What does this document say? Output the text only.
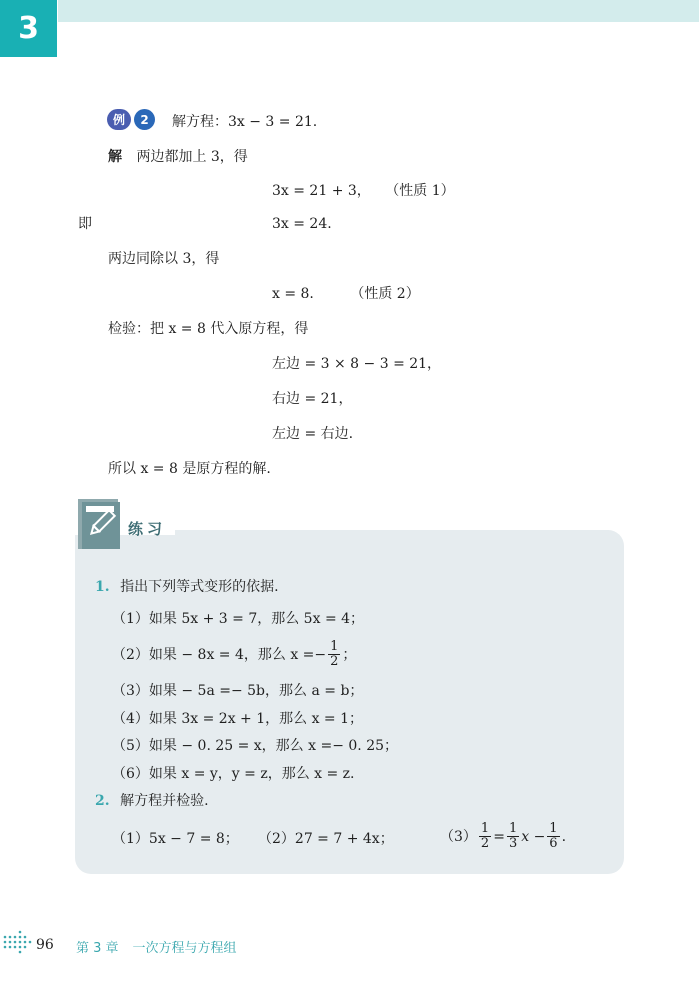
3
例	2	解方程：3x − 3 = 21.
解 两边都加上 3，得
3x = 21 + 3， （性质 1）
即	3x = 24.
两边同除以 3，得
x = 8.	（性质 2）
检验：把 x = 8 代入原方程，得
左边 = 3 × 8 − 3 = 21，
右边 = 21，
左边 = 右边.
所以 x = 8 是原方程的解.
练习
1. 指出下列等式变形的依据.
（1）如果 5x + 3 = 7，那么 5x = 4；
（2）如果 − 8x = 4，那么 $x =- \frac{1}{2}$ ；
（3）如果 − 5a =− 5b，那么 a = b；
（4）如果 3x = 2x + 1，那么 x = 1；
（5）如果 − 0. 25 = x，那么 x =− 0. 25；
（6）如果 x = y，y = z，那么 x = z.
2. 解方程并检验.
（1）5x − 7 = 8； （2）27 = 7 + 4x；	$(3) \frac{1}{2} = \frac{1}{3}$ $x - \frac{1}{6}$ .
96 第 3 章 一次方程与方程组
